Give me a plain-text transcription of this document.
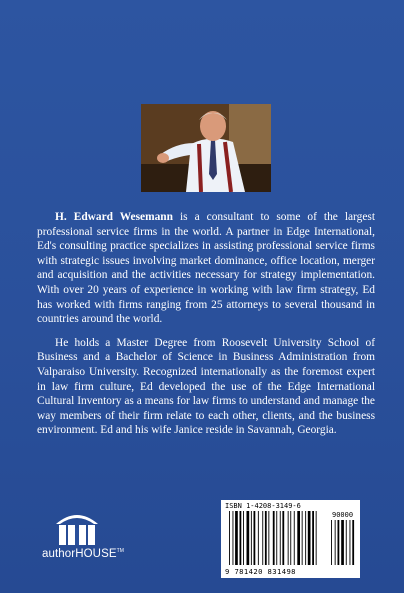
H. Edward Wesemann is a consultant to some of the largest professional service firms in the world. A partner in Edge International, Ed's consulting practice specializes in assisting professional service firms with strategic issues involving market dominance, office location, merger and acquisition and the activities necessary for strategy implementation. With over 20 years of experience in working with law firm strategy, Ed has worked with firms ranging from 25 attorneys to several thousand in countries around the world.

He holds a Master Degree from Roosevelt University School of Business and a Bachelor of Science in Business Administration from Valparaiso University. Recognized internationally as the foremost expert in law firm culture, Ed developed the use of the Edge International Cultural Inventory as a means for law firms to understand and manage the way members of their firm relate to each other, clients, and the business environment. Ed and his wife Janice reside in Savannah, Georgia.

authorHOUSE™
ISBN 1-4208-3149-6
90000
9 781420 831498
